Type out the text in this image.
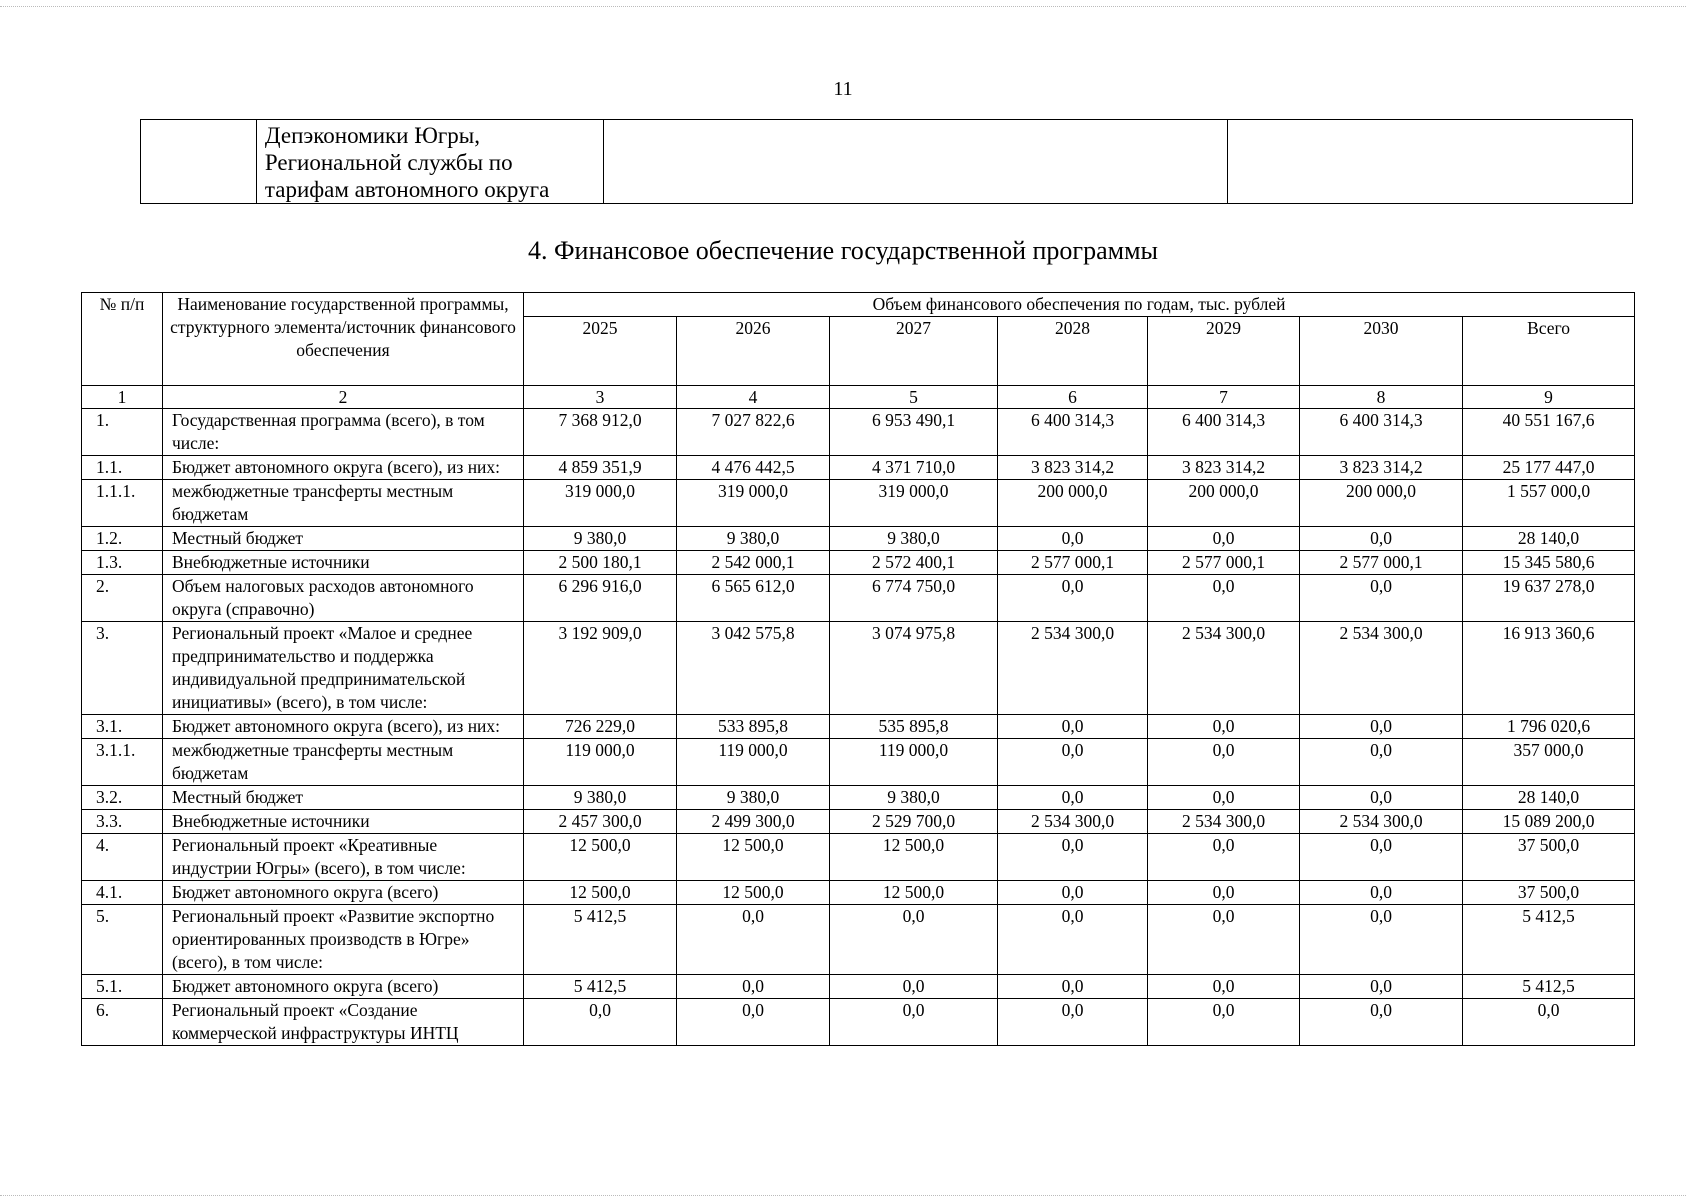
11

Депэкономики Югры,
Региональной службы по
тарифам автономного округа

4. Финансовое обеспечение государственной программы
№ п/п	Наименование государственной программы, структурного элемента/источник финансового обеспечения	Объем финансового обеспечения по годам, тыс. рублей						
		2025	2026	2027	2028	2029	2030	Всего
1	2	3	4	5	6	7	8	9
1.	Государственная программа (всего), в том числе:	7 368 912,0	7 027 822,6	6 953 490,1	6 400 314,3	6 400 314,3	6 400 314,3	40 551 167,6
1.1.	Бюджет автономного округа (всего), из них:	4 859 351,9	4 476 442,5	4 371 710,0	3 823 314,2	3 823 314,2	3 823 314,2	25 177 447,0
1.1.1.	межбюджетные трансферты местным бюджетам	319 000,0	319 000,0	319 000,0	200 000,0	200 000,0	200 000,0	1 557 000,0
1.2.	Местный бюджет	9 380,0	9 380,0	9 380,0	0,0	0,0	0,0	28 140,0
1.3.	Внебюджетные источники	2 500 180,1	2 542 000,1	2 572 400,1	2 577 000,1	2 577 000,1	2 577 000,1	15 345 580,6
2.	Объем налоговых расходов автономного округа (справочно)	6 296 916,0	6 565 612,0	6 774 750,0	0,0	0,0	0,0	19 637 278,0
3.	Региональный проект «Малое и среднее предпринимательство и поддержка индивидуальной предпринимательской инициативы» (всего), в том числе:	3 192 909,0	3 042 575,8	3 074 975,8	2 534 300,0	2 534 300,0	2 534 300,0	16 913 360,6
3.1.	Бюджет автономного округа (всего), из них:	726 229,0	533 895,8	535 895,8	0,0	0,0	0,0	1 796 020,6
3.1.1.	межбюджетные трансферты местным бюджетам	119 000,0	119 000,0	119 000,0	0,0	0,0	0,0	357 000,0
3.2.	Местный бюджет	9 380,0	9 380,0	9 380,0	0,0	0,0	0,0	28 140,0
3.3.	Внебюджетные источники	2 457 300,0	2 499 300,0	2 529 700,0	2 534 300,0	2 534 300,0	2 534 300,0	15 089 200,0
4.	Региональный проект «Креативные индустрии Югры» (всего), в том числе:	12 500,0	12 500,0	12 500,0	0,0	0,0	0,0	37 500,0
4.1.	Бюджет автономного округа (всего)	12 500,0	12 500,0	12 500,0	0,0	0,0	0,0	37 500,0
5.	Региональный проект «Развитие экспортно ориентированных производств в Югре» (всего), в том числе:	5 412,5	0,0	0,0	0,0	0,0	0,0	5 412,5
5.1.	Бюджет автономного округа (всего)	5 412,5	0,0	0,0	0,0	0,0	0,0	5 412,5
6.	Региональный проект «Создание коммерческой инфраструктуры ИНТЦ	0,0	0,0	0,0	0,0	0,0	0,0	0,0
